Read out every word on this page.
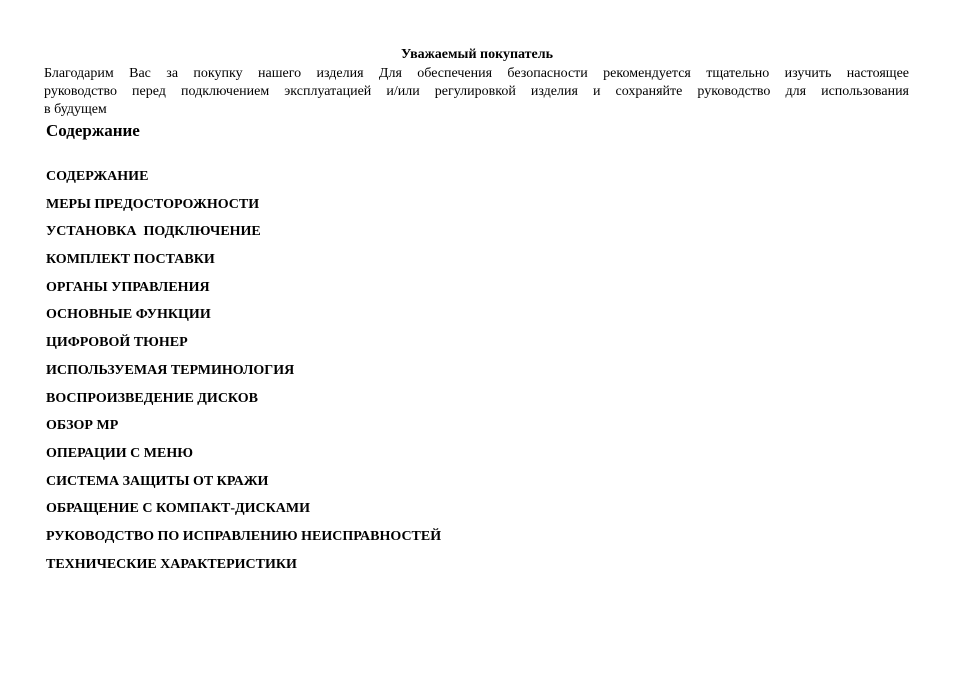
Уважаемый покупатель
Благодарим Вас за покупку нашего изделия Для обеспечения безопасности рекомендуется тщательно изучить настоящее
руководство перед подключением эксплуатацией и/или регулировкой изделия и сохраняйте руководство для использования
в будущем
Содержание
СОДЕРЖАНИЕ
МЕРЫ ПРЕДОСТОРОЖНОСТИ
УСТАНОВКА  ПОДКЛЮЧЕНИЕ
КОМПЛЕКТ ПОСТАВКИ
ОРГАНЫ УПРАВЛЕНИЯ
ОСНОВНЫЕ ФУНКЦИИ
ЦИФРОВОЙ ТЮНЕР
ИСПОЛЬЗУЕМАЯ ТЕРМИНОЛОГИЯ
ВОСПРОИЗВЕДЕНИЕ ДИСКОВ
ОБЗОР МР
ОПЕРАЦИИ С МЕНЮ
СИСТЕМА ЗАЩИТЫ ОТ КРАЖИ
ОБРАЩЕНИЕ С КОМПАКТ-ДИСКАМИ
РУКОВОДСТВО ПО ИСПРАВЛЕНИЮ НЕИСПРАВНОСТЕЙ
ТЕХНИЧЕСКИЕ ХАРАКТЕРИСТИКИ
